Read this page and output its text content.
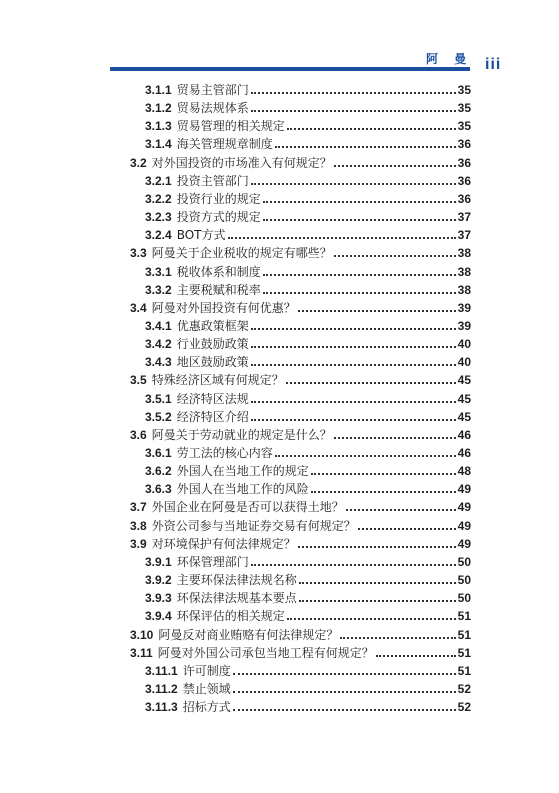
阿 曼 iii
3.1.1 贸易主管部门	35
3.1.2 贸易法规体系	35
3.1.3 贸易管理的相关规定	35
3.1.4 海关管理规章制度	36
3.2 对外国投资的市场准入有何规定？	36
3.2.1 投资主管部门	36
3.2.2 投资行业的规定	36
3.2.3 投资方式的规定	37
3.2.4 BOT方式	37
3.3 阿曼关于企业税收的规定有哪些？	38
3.3.1 税收体系和制度	38
3.3.2 主要税赋和税率	38
3.4 阿曼对外国投资有何优惠？	39
3.4.1 优惠政策框架	39
3.4.2 行业鼓励政策	40
3.4.3 地区鼓励政策	40
3.5 特殊经济区域有何规定？	45
3.5.1 经济特区法规	45
3.5.2 经济特区介绍	45
3.6 阿曼关于劳动就业的规定是什么？	46
3.6.1 劳工法的核心内容	46
3.6.2 外国人在当地工作的规定	48
3.6.3 外国人在当地工作的风险	49
3.7 外国企业在阿曼是否可以获得土地？	49
3.8 外资公司参与当地证券交易有何规定？	49
3.9 对环境保护有何法律规定？	49
3.9.1 环保管理部门	50
3.9.2 主要环保法律法规名称	50
3.9.3 环保法律法规基本要点	50
3.9.4 环保评估的相关规定	51
3.10 阿曼反对商业贿赂有何法律规定？	51
3.11 阿曼对外国公司承包当地工程有何规定？	51
3.11.1 许可制度	51
3.11.2 禁止领域	52
3.11.3 招标方式	52
